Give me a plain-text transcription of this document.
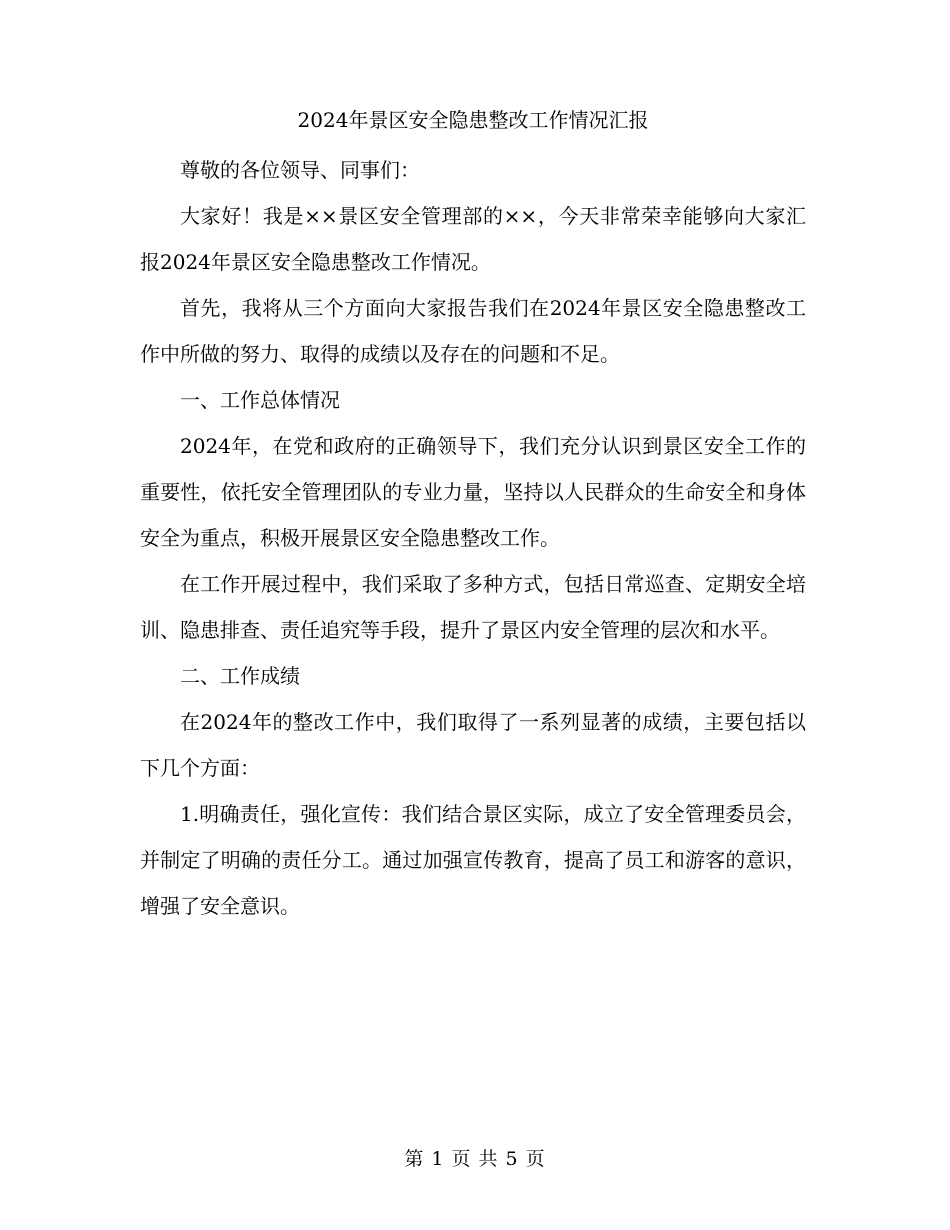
2024年景区安全隐患整改工作情况汇报

尊敬的各位领导、同事们：

大家好！我是××景区安全管理部的××，今天非常荣幸能够向大家汇报2024年景区安全隐患整改工作情况。

首先，我将从三个方面向大家报告我们在2024年景区安全隐患整改工作中所做的努力、取得的成绩以及存在的问题和不足。

一、工作总体情况

2024年，在党和政府的正确领导下，我们充分认识到景区安全工作的重要性，依托安全管理团队的专业力量，坚持以人民群众的生命安全和身体安全为重点，积极开展景区安全隐患整改工作。

在工作开展过程中，我们采取了多种方式，包括日常巡查、定期安全培训、隐患排查、责任追究等手段，提升了景区内安全管理的层次和水平。

二、工作成绩

在2024年的整改工作中，我们取得了一系列显著的成绩，主要包括以下几个方面：

1.明确责任，强化宣传：我们结合景区实际，成立了安全管理委员会，并制定了明确的责任分工。通过加强宣传教育，提高了员工和游客的意识，增强了安全意识。

第 1 页 共 5 页
